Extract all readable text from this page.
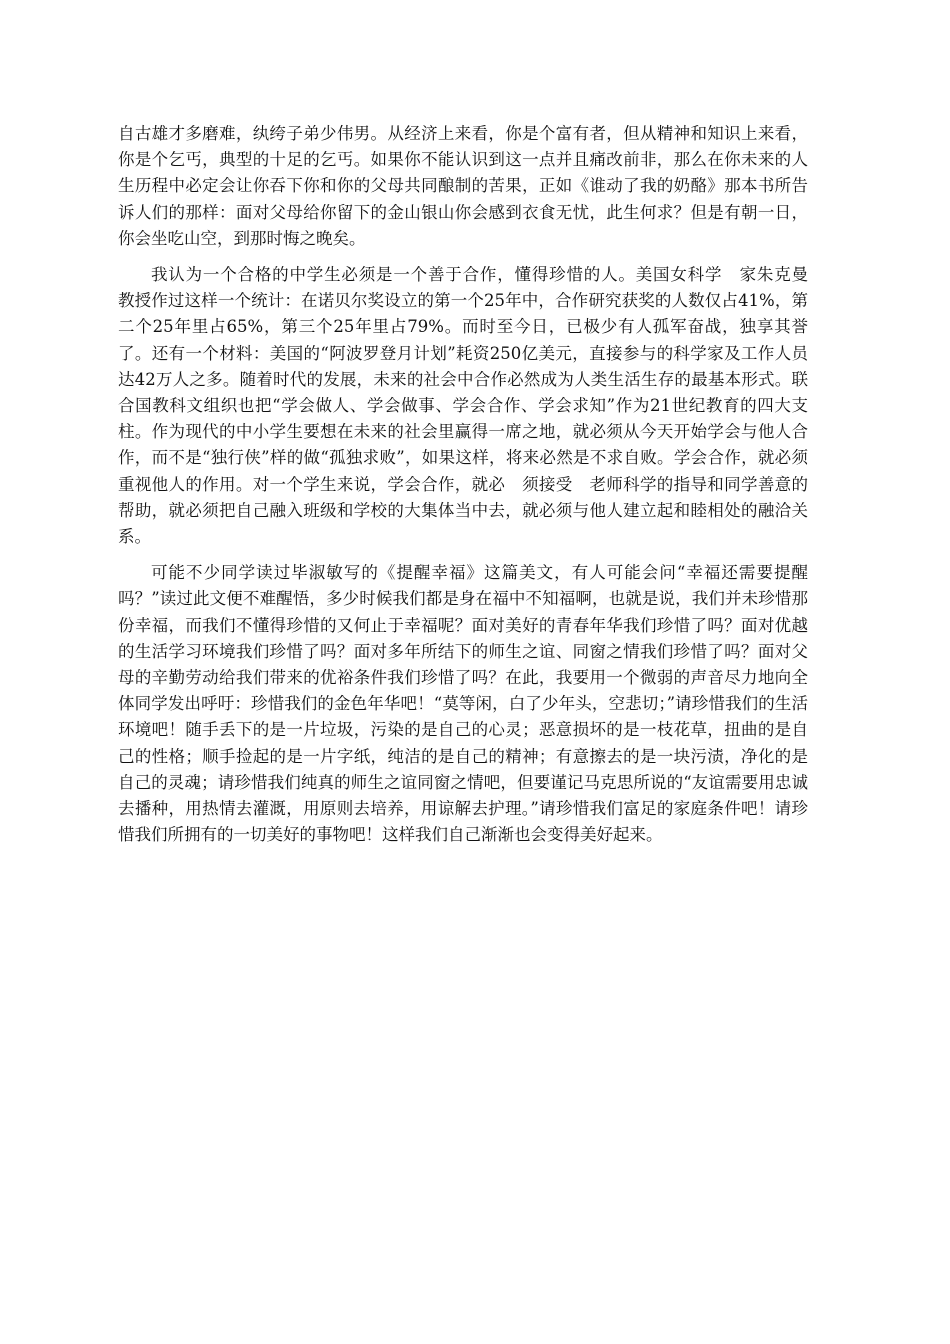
自古雄才多磨难，纨绔子弟少伟男。从经济上来看，你是个富有者，但从精神和知识上来看，你是个乞丐，典型的十足的乞丐。如果你不能认识到这一点并且痛改前非，那么在你未来的人生历程中必定会让你吞下你和你的父母共同酿制的苦果，正如《谁动了我的奶酪》那本书所告诉人们的那样：面对父母给你留下的金山银山你会感到衣食无忧，此生何求？但是有朝一日，你会坐吃山空，到那时悔之晚矣。

我认为一个合格的中学生必须是一个善于合作，懂得珍惜的人。美国女科学　家朱克曼　教授作过这样一个统计：在诺贝尔奖设立的第一个25年中，合作研究获奖的人数仅占41%，第二个25年里占65%，第三个25年里占79%。而时至今日，已极少有人孤军奋战，独享其誉了。还有一个材料：美国的“阿波罗登月计划”耗资250亿美元，直接参与的科学家及工作人员达42万人之多。随着时代的发展，未来的社会中合作必然成为人类生活生存的最基本形式。联合国教科文组织也把“学会做人、学会做事、学会合作、学会求知”作为21世纪教育的四大支柱。作为现代的中小学生要想在未来的社会里赢得一席之地，就必须从今天开始学会与他人合作，而不是“独行侠”样的做“孤独求败”，如果这样，将来必然是不求自败。学会合作，就必须重视他人的作用。对一个学生来说，学会合作，就必　须接受　老师科学的指导和同学善意的帮助，就必须把自己融入班级和学校的大集体当中去，就必须与他人建立起和睦相处的融洽关系。

可能不少同学读过毕淑敏写的《提醒幸福》这篇美文，有人可能会问“幸福还需要提醒吗？”读过此文便不难醒悟，多少时候我们都是身在福中不知福啊，也就是说，我们并未珍惜那份幸福，而我们不懂得珍惜的又何止于幸福呢？面对美好的青春年华我们珍惜了吗？面对优越的生活学习环境我们珍惜了吗？面对多年所结下的师生之谊、同窗之情我们珍惜了吗？面对父母的辛勤劳动给我们带来的优裕条件我们珍惜了吗？在此，我要用一个微弱的声音尽力地向全体同学发出呼吁：珍惜我们的金色年华吧！“莫等闲，白了少年头，空悲切；”请珍惜我们的生活环境吧！随手丢下的是一片垃圾，污染的是自己的心灵；恶意损坏的是一枝花草，扭曲的是自己的性格；顺手捡起的是一片字纸，纯洁的是自己的精神；有意擦去的是一块污渍，净化的是自己的灵魂；请珍惜我们纯真的师生之谊同窗之情吧，但要谨记马克思所说的“友谊需要用忠诚去播种，用热情去灌溉，用原则去培养，用谅解去护理。”请珍惜我们富足的家庭条件吧！请珍惜我们所拥有的一切美好的事物吧！这样我们自己渐渐也会变得美好起来。
